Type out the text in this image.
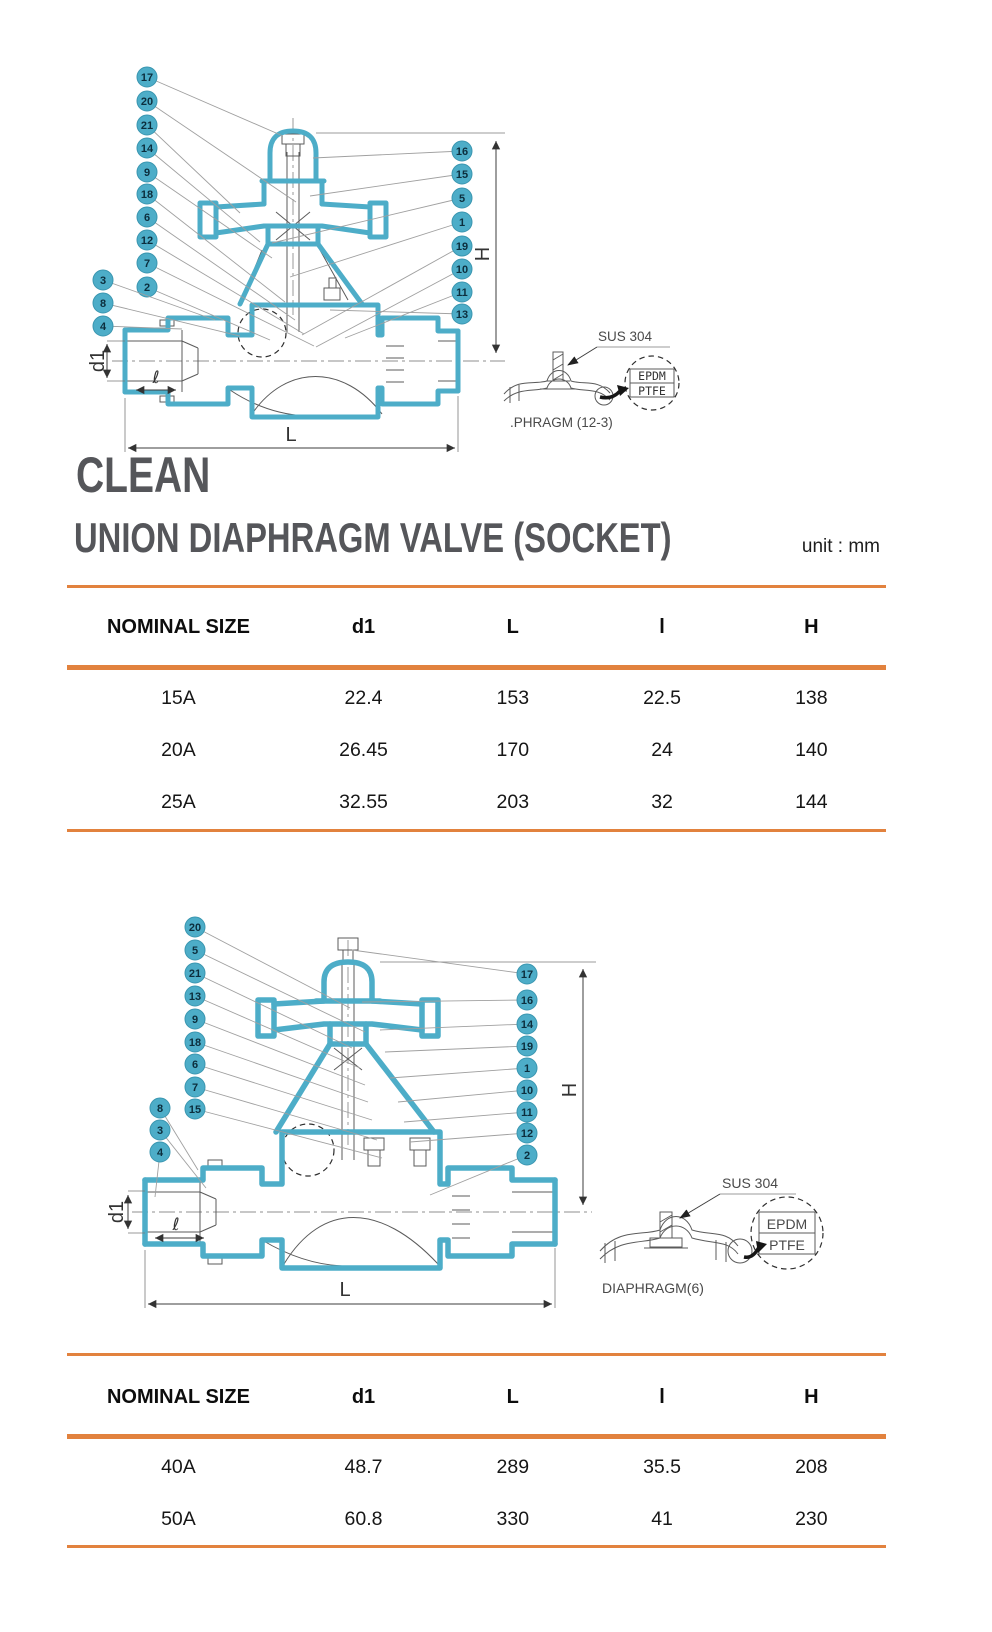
H
d1
ℓ
L
SUS 304
EPDM
PTFE
.PHRAGM (12-3)
17
20
21
14
9
18
6
12
7
2
3
8
4
16
15
5
1
19
10
11
13
CLEAN
UNION DIAPHRAGM VALVE (SOCKET)	unit : mm
NOMINAL SIZE	d1	L	l	H
15A	22.4	153	22.5	138
20A	26.45	170	24	140
25A	32.55	203	32	144
H
d1
ℓ
L
SUS 304
EPDM
PTFE
DIAPHRAGM(6)
20
5
21
13
9
18
6
7
15
8
3
4
17
16
14
19
1
10
11
12
2
NOMINAL SIZE	d1	L	l	H
40A	48.7	289	35.5	208
50A	60.8	330	41	230
